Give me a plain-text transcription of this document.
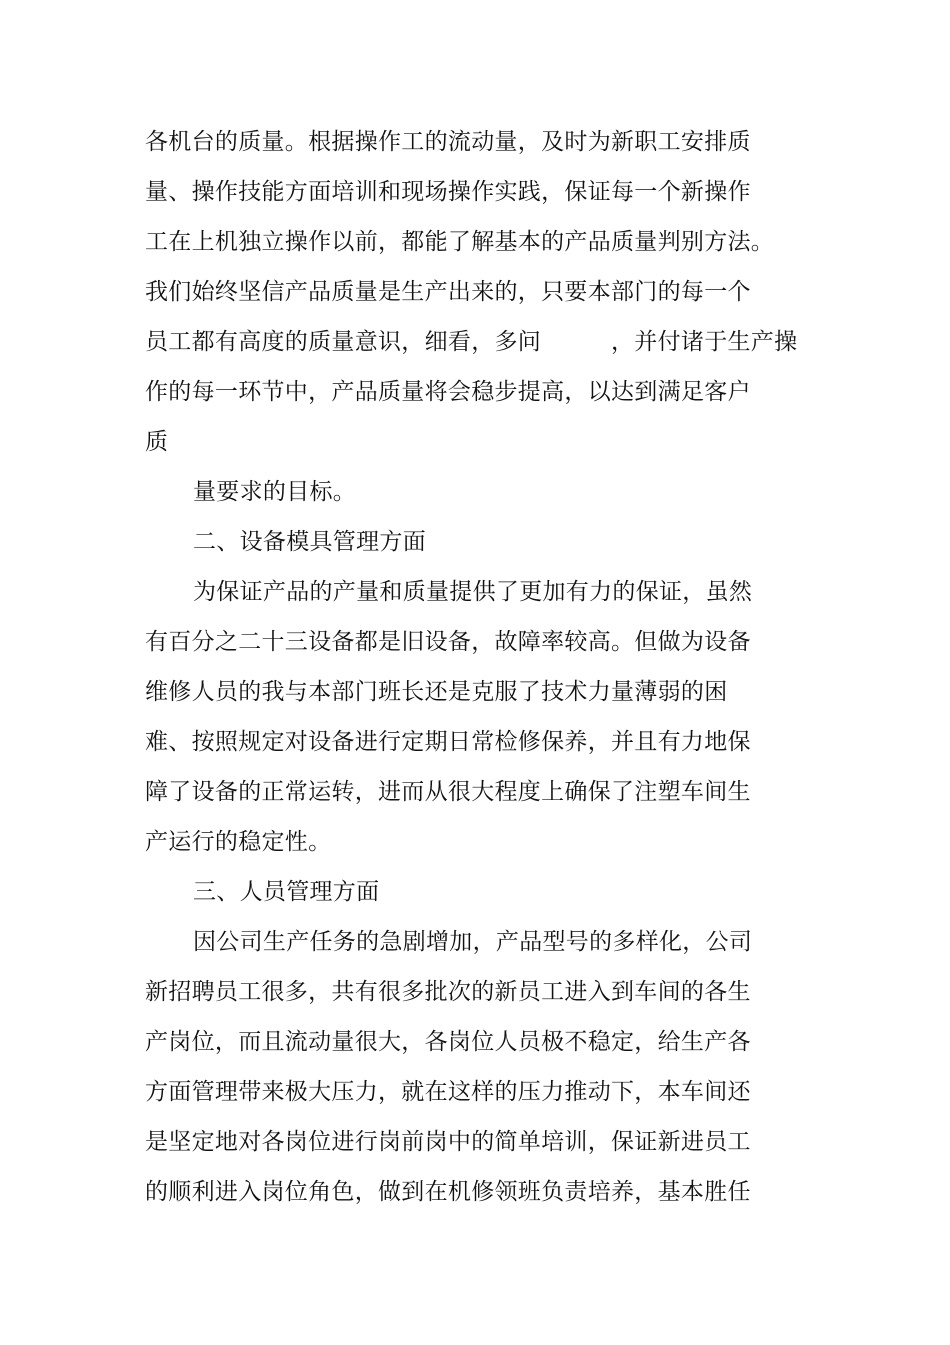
各机台的质量。根据操作工的流动量，及时为新职工安排质
量、操作技能方面培训和现场操作实践，保证每一个新操作
工在上机独立操作以前，都能了解基本的产品质量判别方法。
我们始终坚信产品质量是生产出来的，只要本部门的每一个
员工都有高度的质量意识，细看，多问　　　，并付诸于生产操
作的每一环节中，产品质量将会稳步提高，以达到满足客户
质
量要求的目标。
二、设备模具管理方面
为保证产品的产量和质量提供了更加有力的保证，虽然
有百分之二十三设备都是旧设备，故障率较高。但做为设备
维修人员的我与本部门班长还是克服了技术力量薄弱的困
难、按照规定对设备进行定期日常检修保养，并且有力地保
障了设备的正常运转，进而从很大程度上确保了注塑车间生
产运行的稳定性。
三、人员管理方面
因公司生产任务的急剧增加，产品型号的多样化，公司
新招聘员工很多，共有很多批次的新员工进入到车间的各生
产岗位，而且流动量很大，各岗位人员极不稳定，给生产各
方面管理带来极大压力，就在这样的压力推动下，本车间还
是坚定地对各岗位进行岗前岗中的简单培训，保证新进员工
的顺利进入岗位角色，做到在机修领班负责培养，基本胜任
